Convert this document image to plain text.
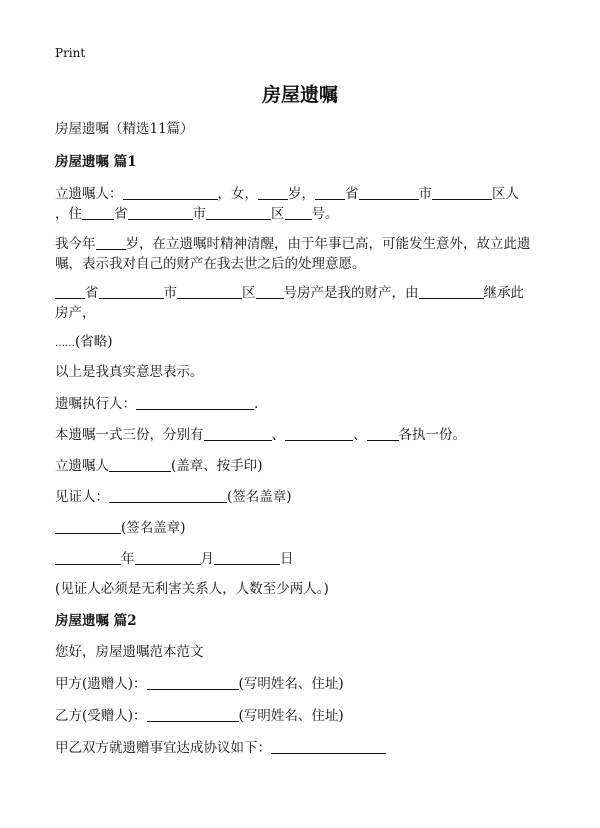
Print
房屋遗嘱
房屋遗嘱（精选11篇）
房屋遗嘱 篇1
立遗嘱人：	，女， 岁， 省	市	区人
，住 省	市	区 号。
我今年 岁，在立遗嘱时精神清醒，由于年事已高，可能发生意外，故立此遗
嘱，表示我对自己的财产在我去世之后的处理意愿。
省	市	区 号房产是我的财产，由	继承此
房产，
……(省略)
以上是我真实意思表示。
遗嘱执行人：	.
本遗嘱一式三份，分别有	、	、 各执一份。
立遗嘱人	(盖章、按手印)
见证人：	(签名盖章)
(签名盖章)
年	月	日
(见证人必须是无利害关系人，人数至少两人。)
房屋遗嘱 篇2
您好，房屋遗嘱范本范文
甲方(遗赠人)：	(写明姓名、住址)
乙方(受赠人)：	(写明姓名、住址)
甲乙双方就遗赠事宜达成协议如下：
